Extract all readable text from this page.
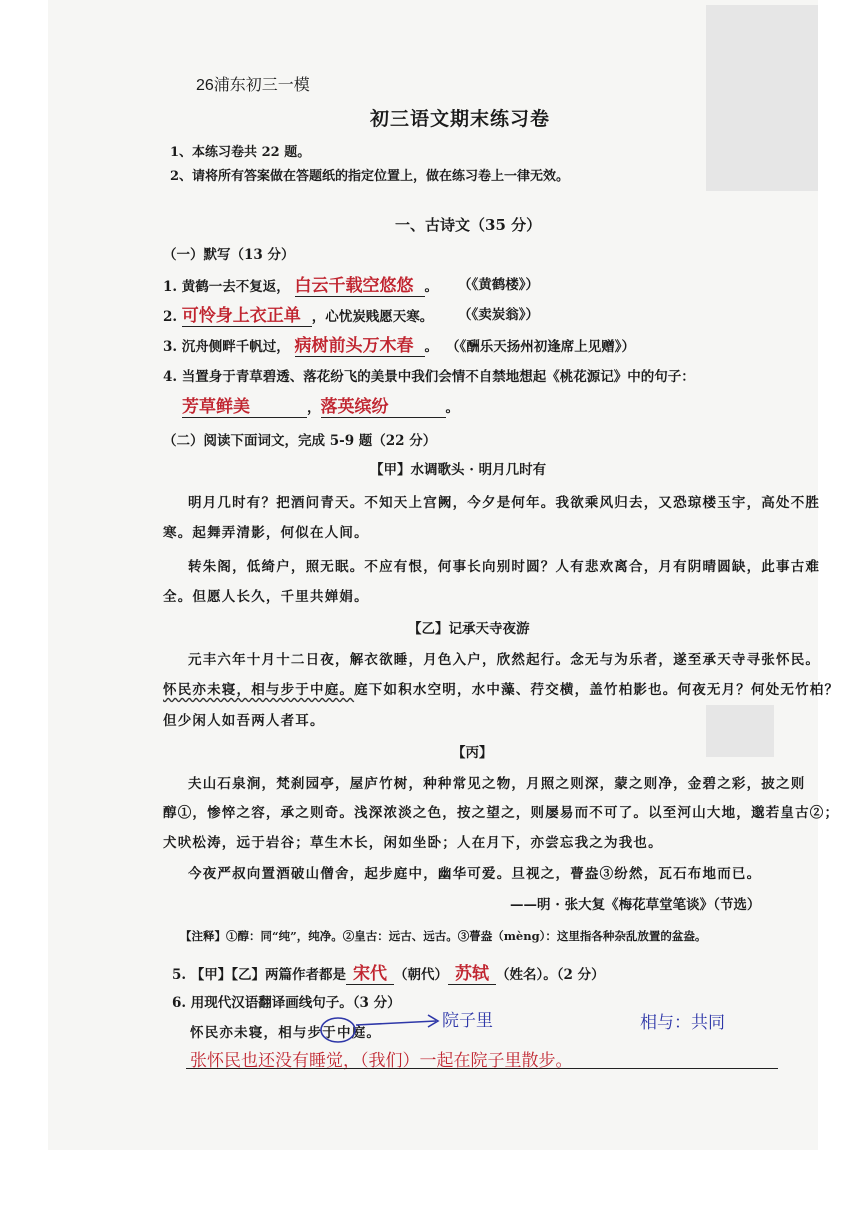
26浦东初三一模
初三语文期末练习卷
1、本练习卷共 22 题。
2、请将所有答案做在答题纸的指定位置上，做在练习卷上一律无效。
一、古诗文（35 分）
（一）默写（13 分）
1. 黄鹤一去不复返， 白云千载空悠悠 。 （《黄鹤楼》）
2. 可怜身上衣正单 ，心忧炭贱愿天寒。 （《卖炭翁》）
3. 沉舟侧畔千帆过， 病树前头万木春 。 （《酬乐天扬州初逢席上见赠》）
4. 当置身于青草碧透、落花纷飞的美景中我们会情不自禁地想起《桃花源记》中的句子：
芳草鲜美	，落英缤纷	。
（二）阅读下面词文，完成 5-9 题（22 分）
【甲】水调歌头 · 明月几时有
明月几时有？把酒问青天。不知天上宫阙，今夕是何年。我欲乘风归去，又恐琼楼玉宇，高处不胜
寒。起舞弄清影，何似在人间。
转朱阁，低绮户，照无眠。不应有恨，何事长向别时圆？人有悲欢离合，月有阴晴圆缺，此事古难
全。但愿人长久，千里共婵娟。
【乙】记承天寺夜游
元丰六年十月十二日夜，解衣欲睡，月色入户，欣然起行。念无与为乐者，遂至承天寺寻张怀民。
怀民亦未寝，相与步于中庭。庭下如积水空明，水中藻、荇交横，盖竹柏影也。何夜无月？何处无竹柏？
但少闲人如吾两人者耳。
【丙】
夫山石泉涧，梵刹园亭，屋庐竹树，种种常见之物，月照之则深，蒙之则净，金碧之彩，披之则
醇①，惨悴之容，承之则奇。浅深浓淡之色，按之望之，则屡易而不可了。以至河山大地，邈若皇古②；
犬吠松涛，远于岩谷；草生木长，闲如坐卧；人在月下，亦尝忘我之为我也。
今夜严叔向置酒破山僧舍，起步庭中，幽华可爱。旦视之，瞢盎③纷然，瓦石布地而已。
——明 · 张大复《梅花草堂笔谈》（节选）
【注释】①醇：同“纯”，纯净。②皇古：远古、远古。③瞢盎（mèng）：这里指各种杂乱放置的盆盎。
5. 【甲】【乙】两篇作者都是 宋代 （朝代） 苏轼 （姓名）。（2 分）
6. 用现代汉语翻译画线句子。（3 分）
怀民亦未寝，相与步于中庭。
院子里	相与：共同
张怀民也还没有睡觉，（我们）一起在院子里散步。
